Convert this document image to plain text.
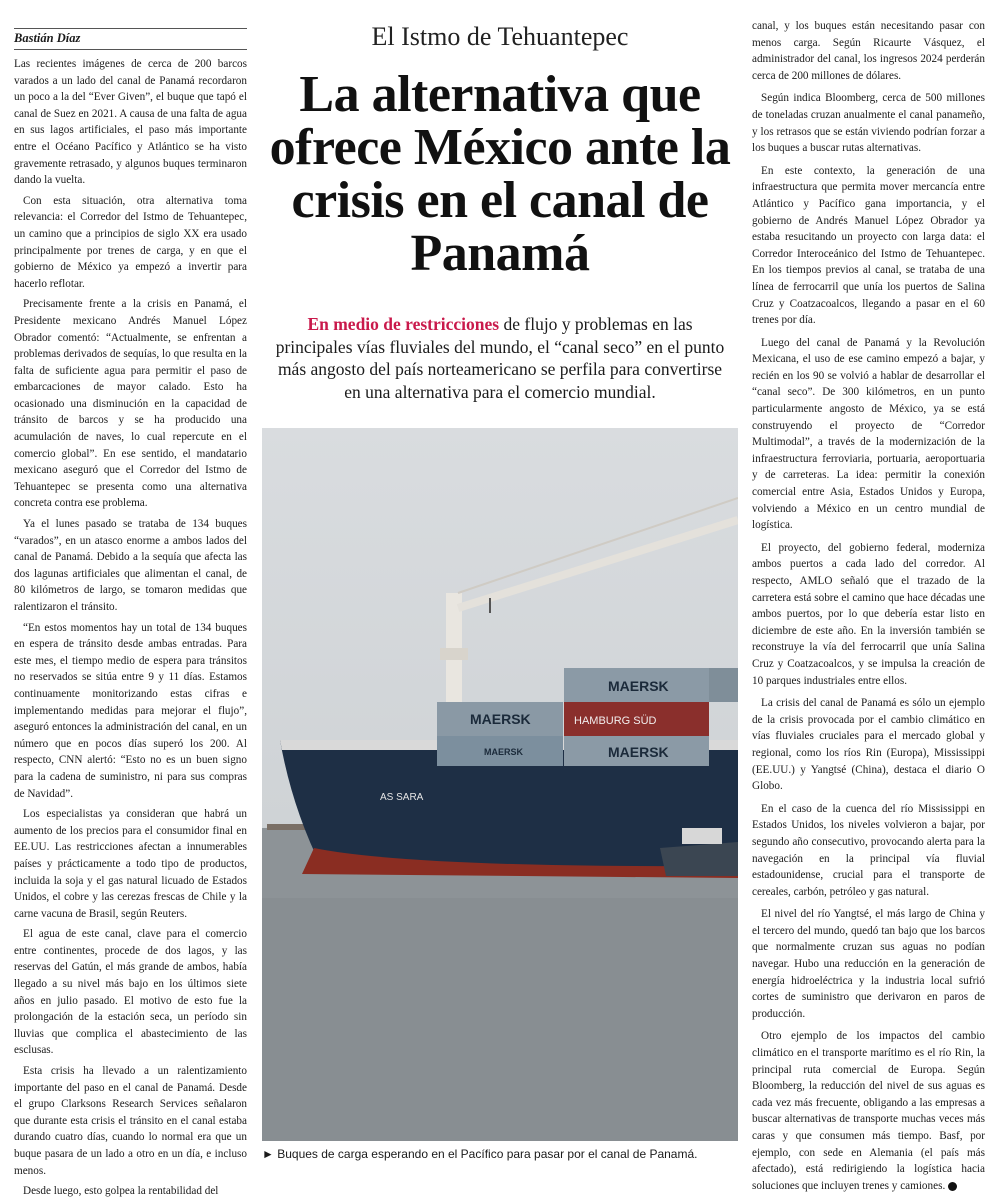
Bastián Díaz

Las recientes imágenes de cerca de 200 barcos varados a un lado del canal de Panamá recordaron un poco a la del “Ever Given”, el buque que tapó el canal de Suez en 2021. A causa de una falta de agua en sus lagos artificiales, el paso más importante entre el Océano Pacífico y Atlántico se ha visto gravemente retrasado, y algunos buques terminaron dando la vuelta.

Con esta situación, otra alternativa toma relevancia: el Corredor del Istmo de Tehuantepec, un camino que a principios de siglo XX era usado principalmente por trenes de carga, y en que el gobierno de México ya empezó a invertir para hacerlo reflotar.

Precisamente frente a la crisis en Panamá, el Presidente mexicano Andrés Manuel López Obrador comentó: “Actualmente, se enfrentan a problemas derivados de sequías, lo que resulta en la falta de suficiente agua para permitir el paso de embarcaciones de mayor calado. Esto ha ocasionado una disminución en la capacidad de tránsito de barcos y se ha producido una acumulación de naves, lo cual repercute en el comercio global”. En ese sentido, el mandatario mexicano aseguró que el Corredor del Istmo de Tehuantepec se presenta como una alternativa concreta contra ese problema.

Ya el lunes pasado se trataba de 134 buques “varados”, en un atasco enorme a ambos lados del canal de Panamá. Debido a la sequía que afecta las dos lagunas artificiales que alimentan el canal, de 80 kilómetros de largo, se tomaron medidas que ralentizaron el tránsito.

“En estos momentos hay un total de 134 buques en espera de tránsito desde ambas entradas. Para este mes, el tiempo medio de espera para tránsitos no reservados se sitúa entre 9 y 11 días. Estamos continuamente monitorizando estas cifras e implementando medidas para mejorar el flujo”, aseguró entonces la administración del canal, en un número que en pocos días superó los 200. Al respecto, CNN alertó: “Esto no es un buen signo para la cadena de suministro, ni para sus compras de Navidad”.

Los especialistas ya consideran que habrá un aumento de los precios para el consumidor final en EE.UU. Las restricciones afectan a innumerables países y prácticamente a todo tipo de productos, incluida la soja y el gas natural licuado de Estados Unidos, el cobre y las cerezas frescas de Chile y la carne vacuna de Brasil, según Reuters.

El agua de este canal, clave para el comercio entre continentes, procede de dos lagos, y las reservas del Gatún, el más grande de ambos, había llegado a su nivel más bajo en los últimos siete años en julio pasado. El motivo de esto fue la prolongación de la estación seca, un período sin lluvias que complica el abastecimiento de las esclusas.

Esta crisis ha llevado a un ralentizamiento importante del paso en el canal de Panamá. Desde el grupo Clarksons Research Services señalaron que durante esta crisis el tránsito en el canal estaba durando cuatro días, cuando lo normal era que un buque pasara de un lado a otro en un día, e incluso menos.

Desde luego, esto golpea la rentabilidad del

El Istmo de Tehuantepec
La alternativa que ofrece México ante la crisis en el canal de Panamá
En medio de restricciones de flujo y problemas en las principales vías fluviales del mundo, el “canal seco” en el punto más angosto del país norteamericano se perfila para convertirse en una alternativa para el comercio mundial.
AS SARA
MAERSK
MAERSK	HAMBURG SÜD
MAERSK	MAERSK
► Buques de carga esperando en el Pacífico para pasar por el canal de Panamá.

canal, y los buques están necesitando pasar con menos carga. Según Ricaurte Vásquez, el administrador del canal, los ingresos 2024 perderán cerca de 200 millones de dólares.

Según indica Bloomberg, cerca de 500 millones de toneladas cruzan anualmente el canal panameño, y los retrasos que se están viviendo podrían forzar a los buques a buscar rutas alternativas.

En este contexto, la generación de una infraestructura que permita mover mercancía entre Atlántico y Pacífico gana importancia, y el gobierno de Andrés Manuel López Obrador ya estaba resucitando un proyecto con larga data: el Corredor Interoceánico del Istmo de Tehuantepec. En los tiempos previos al canal, se trataba de una línea de ferrocarril que unía los puertos de Salina Cruz y Coatzacoalcos, llegando a pasar en el 60 trenes por día.

Luego del canal de Panamá y la Revolución Mexicana, el uso de ese camino empezó a bajar, y recién en los 90 se volvió a hablar de desarrollar el “canal seco”. De 300 kilómetros, en un punto particularmente angosto de México, ya se está construyendo el proyecto de “Corredor Multimodal”, a través de la modernización de la infraestructura ferroviaria, portuaria, aeroportuaria y de carreteras. La idea: permitir la conexión comercial entre Asia, Estados Unidos y Europa, volviendo a México en un centro mundial de logística.

El proyecto, del gobierno federal, moderniza ambos puertos a cada lado del corredor. Al respecto, AMLO señaló que el trazado de la carretera está sobre el camino que hace décadas une ambos puertos, por lo que debería estar listo en diciembre de este año. En la inversión también se reconstruye la vía del ferrocarril que unía Salina Cruz y Coatzacoalcos, y se impulsa la creación de 10 parques industriales entre ellos.

La crisis del canal de Panamá es sólo un ejemplo de la crisis provocada por el cambio climático en vías fluviales cruciales para el mercado global y regional, como los ríos Rin (Europa), Mississippi (EE.UU.) y Yangtsé (China), destaca el diario O Globo.

En el caso de la cuenca del río Mississippi en Estados Unidos, los niveles volvieron a bajar, por segundo año consecutivo, provocando alerta para la navegación en la principal vía fluvial estadounidense, crucial para el transporte de cereales, carbón, petróleo y gas natural.

El nivel del río Yangtsé, el más largo de China y el tercero del mundo, quedó tan bajo que los barcos que normalmente cruzan sus aguas no podían navegar. Hubo una reducción en la generación de energía hidroeléctrica y la industria local sufrió cortes de suministro que derivaron en paros de producción.

Otro ejemplo de los impactos del cambio climático en el transporte marítimo es el río Rin, la principal ruta comercial de Europa. Según Bloomberg, la reducción del nivel de sus aguas es cada vez más frecuente, obligando a las empresas a buscar alternativas de transporte muchas veces más caras y que consumen más tiempo. Basf, por ejemplo, con sede en Alemania (el país más afectado), está redirigiendo la logística hacia soluciones que incluyen trenes y camiones.
